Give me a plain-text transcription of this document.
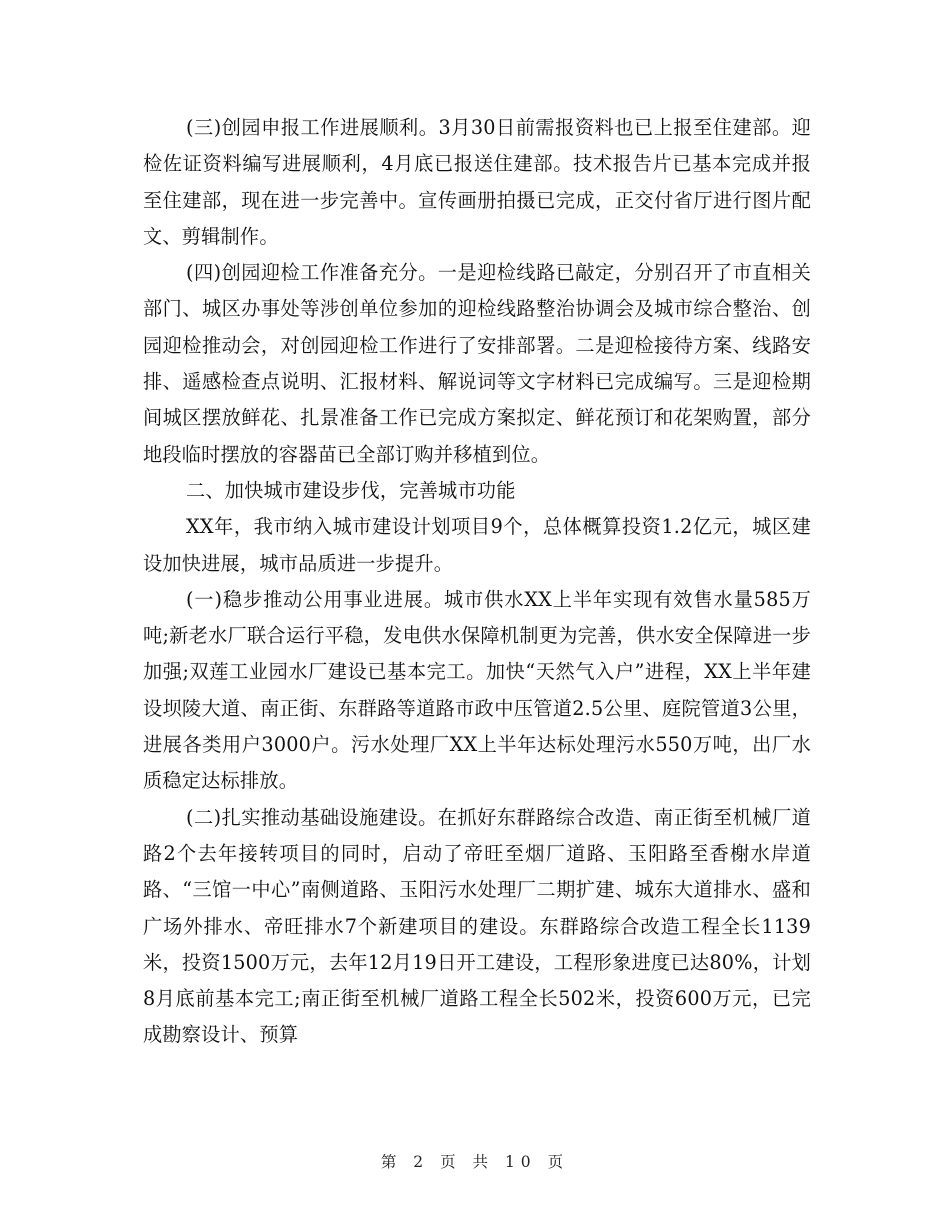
(三)创园申报工作进展顺利。3月30日前需报资料也已上报至住建部。迎检佐证资料编写进展顺利，4月底已报送住建部。技术报告片已基本完成并报至住建部，现在进一步完善中。宣传画册拍摄已完成，正交付省厅进行图片配文、剪辑制作。

(四)创园迎检工作准备充分。一是迎检线路已敲定，分别召开了市直相关部门、城区办事处等涉创单位参加的迎检线路整治协调会及城市综合整治、创园迎检推动会，对创园迎检工作进行了安排部署。二是迎检接待方案、线路安排、遥感检查点说明、汇报材料、解说词等文字材料已完成编写。三是迎检期间城区摆放鲜花、扎景准备工作已完成方案拟定、鲜花预订和花架购置，部分地段临时摆放的容器苗已全部订购并移植到位。

二、加快城市建设步伐，完善城市功能

XX年，我市纳入城市建设计划项目9个，总体概算投资1.2亿元，城区建设加快进展，城市品质进一步提升。

(一)稳步推动公用事业进展。城市供水XX上半年实现有效售水量585万吨;新老水厂联合运行平稳，发电供水保障机制更为完善，供水安全保障进一步加强;双莲工业园水厂建设已基本完工。加快“天然气入户”进程，XX上半年建设坝陵大道、南正街、东群路等道路市政中压管道2.5公里、庭院管道3公里，进展各类用户3000户。污水处理厂XX上半年达标处理污水550万吨，出厂水质稳定达标排放。

(二)扎实推动基础设施建设。在抓好东群路综合改造、南正街至机械厂道路2个去年接转项目的同时，启动了帝旺至烟厂道路、玉阳路至香榭水岸道路、“三馆一中心”南侧道路、玉阳污水处理厂二期扩建、城东大道排水、盛和广场外排水、帝旺排水7个新建项目的建设。东群路综合改造工程全长1139米，投资1500万元，去年12月19日开工建设，工程形象进度已达80%，计划8月底前基本完工;南正街至机械厂道路工程全长502米，投资600万元，已完成勘察设计、预算

第 2 页 共 10 页
